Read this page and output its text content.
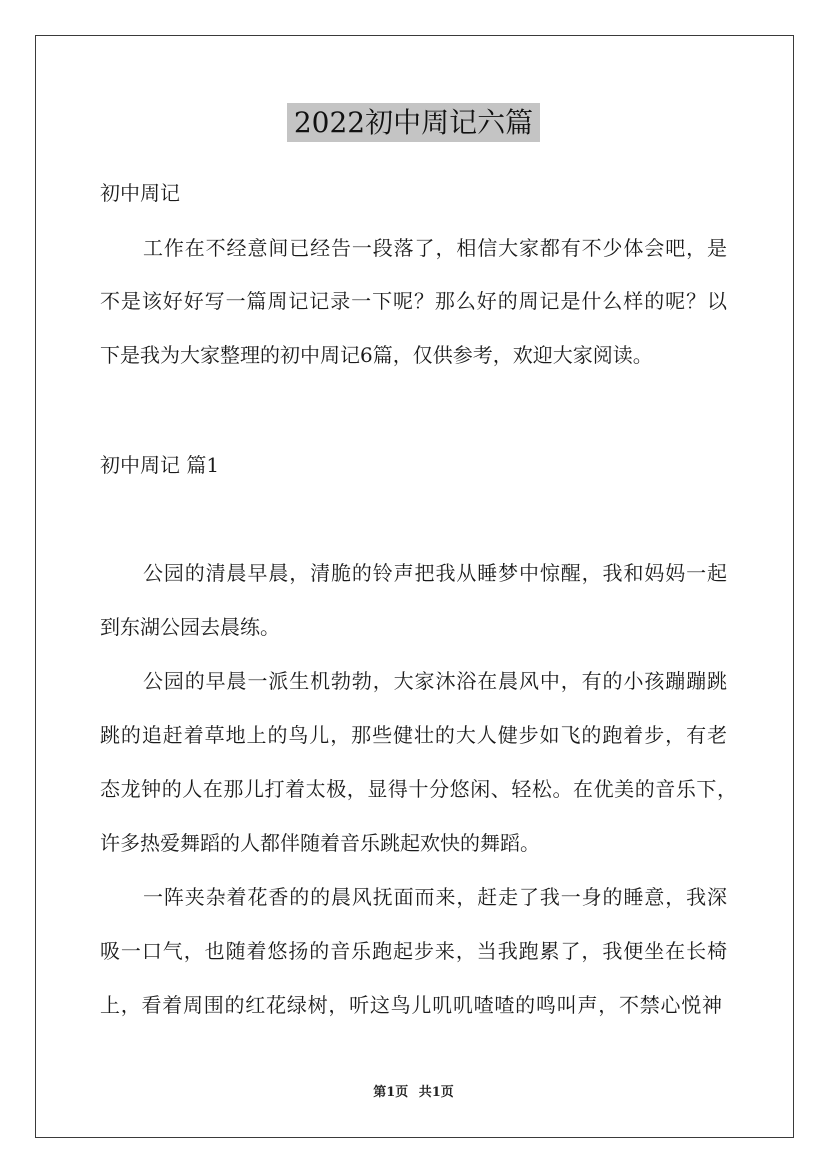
2022初中周记六篇
初中周记
工作在不经意间已经告一段落了，相信大家都有不少体会吧，是
不是该好好写一篇周记记录一下呢？那么好的周记是什么样的呢？以
下是我为大家整理的初中周记6篇，仅供参考，欢迎大家阅读。
初中周记 篇1
公园的清晨早晨，清脆的铃声把我从睡梦中惊醒，我和妈妈一起
到东湖公园去晨练。
公园的早晨一派生机勃勃，大家沐浴在晨风中，有的小孩蹦蹦跳
跳的追赶着草地上的鸟儿，那些健壮的大人健步如飞的跑着步，有老
态龙钟的人在那儿打着太极，显得十分悠闲、轻松。在优美的音乐下，
许多热爱舞蹈的人都伴随着音乐跳起欢快的舞蹈。
一阵夹杂着花香的的晨风抚面而来，赶走了我一身的睡意，我深
吸一口气，也随着悠扬的音乐跑起步来，当我跑累了，我便坐在长椅
上，看着周围的红花绿树，听这鸟儿叽叽喳喳的鸣叫声，不禁心悦神
第1页 共1页
